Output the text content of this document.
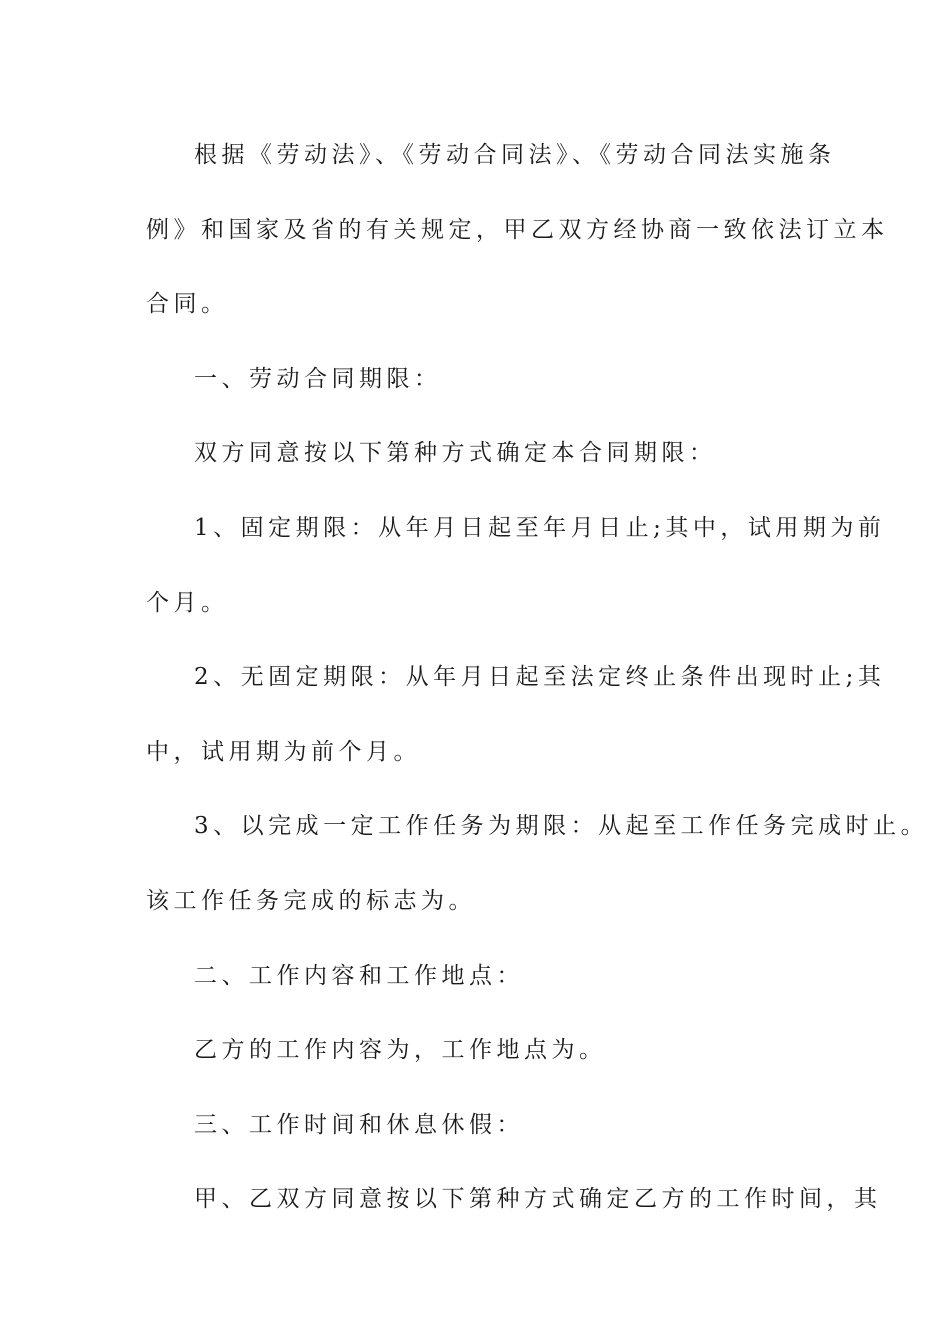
根据《劳动法》、《劳动合同法》、《劳动合同法实施条
例》和国家及省的有关规定，甲乙双方经协商一致依法订立本
合同。
一、劳动合同期限：
双方同意按以下第种方式确定本合同期限：
1、固定期限：从年月日起至年月日止;其中，试用期为前
个月。
2、无固定期限：从年月日起至法定终止条件出现时止;其
中，试用期为前个月。
3、以完成一定工作任务为期限：从起至工作任务完成时止。
该工作任务完成的标志为。
二、工作内容和工作地点：
乙方的工作内容为，工作地点为。
三、工作时间和休息休假：
甲、乙双方同意按以下第种方式确定乙方的工作时间，其
